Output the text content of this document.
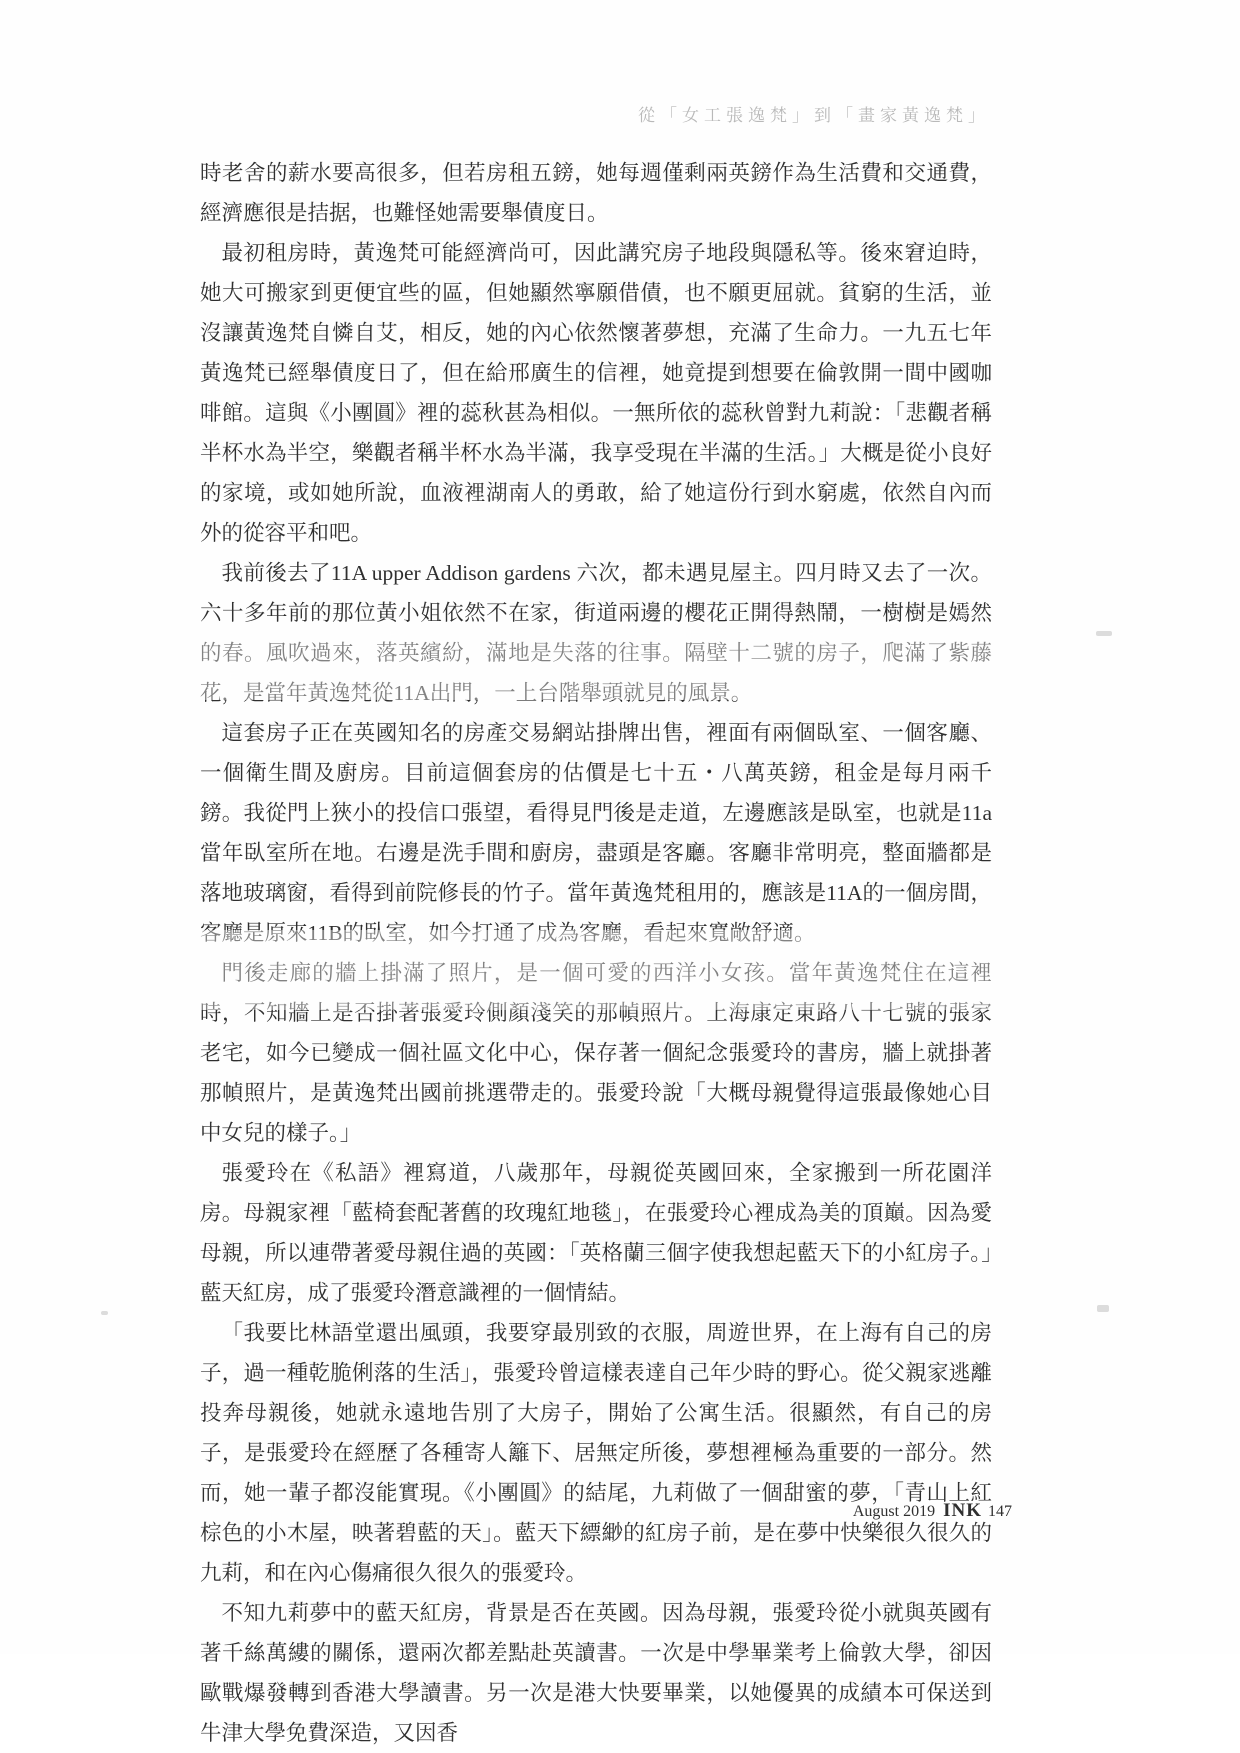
從「女工張逸梵」到「畫家黃逸梵」

時老舍的薪水要高很多，但若房租五鎊，她每週僅剩兩英鎊作為生活費和交通費，經濟應很是拮据，也難怪她需要舉債度日。

最初租房時，黃逸梵可能經濟尚可，因此講究房子地段與隱私等。後來窘迫時，她大可搬家到更便宜些的區，但她顯然寧願借債，也不願更屈就。貧窮的生活，並沒讓黃逸梵自憐自艾，相反，她的內心依然懷著夢想，充滿了生命力。一九五七年黃逸梵已經舉債度日了，但在給邢廣生的信裡，她竟提到想要在倫敦開一間中國咖啡館。這與《小團圓》裡的蕊秋甚為相似。一無所依的蕊秋曾對九莉說：「悲觀者稱半杯水為半空，樂觀者稱半杯水為半滿，我享受現在半滿的生活。」大概是從小良好的家境，或如她所說，血液裡湖南人的勇敢，給了她這份行到水窮處，依然自內而外的從容平和吧。

我前後去了11A upper Addison gardens 六次，都未遇見屋主。四月時又去了一次。六十多年前的那位黃小姐依然不在家，街道兩邊的櫻花正開得熱鬧，一樹樹是嫣然的春。風吹過來，落英繽紛，滿地是失落的往事。隔壁十二號的房子，爬滿了紫藤花，是當年黃逸梵從11A出門，一上台階舉頭就見的風景。

這套房子正在英國知名的房產交易網站掛牌出售，裡面有兩個臥室、一個客廳、一個衛生間及廚房。目前這個套房的估價是七十五・八萬英鎊，租金是每月兩千鎊。我從門上狹小的投信口張望，看得見門後是走道，左邊應該是臥室，也就是11a 當年臥室所在地。右邊是洗手間和廚房，盡頭是客廳。客廳非常明亮，整面牆都是落地玻璃窗，看得到前院修長的竹子。當年黃逸梵租用的，應該是11A的一個房間，客廳是原來11B的臥室，如今打通了成為客廳，看起來寬敞舒適。

門後走廊的牆上掛滿了照片，是一個可愛的西洋小女孩。當年黃逸梵住在這裡時，不知牆上是否掛著張愛玲側顏淺笑的那幀照片。上海康定東路八十七號的張家老宅，如今已變成一個社區文化中心，保存著一個紀念張愛玲的書房，牆上就掛著那幀照片，是黃逸梵出國前挑選帶走的。張愛玲說「大概母親覺得這張最像她心目中女兒的樣子。」

張愛玲在《私語》裡寫道，八歲那年，母親從英國回來，全家搬到一所花園洋房。母親家裡「藍椅套配著舊的玫瑰紅地毯」，在張愛玲心裡成為美的頂巔。因為愛母親，所以連帶著愛母親住過的英國：「英格蘭三個字使我想起藍天下的小紅房子。」藍天紅房，成了張愛玲潛意識裡的一個情結。

「我要比林語堂還出風頭，我要穿最別致的衣服，周遊世界，在上海有自己的房子，過一種乾脆俐落的生活」，張愛玲曾這樣表達自己年少時的野心。從父親家逃離投奔母親後，她就永遠地告別了大房子，開始了公寓生活。很顯然，有自己的房子，是張愛玲在經歷了各種寄人籬下、居無定所後，夢想裡極為重要的一部分。然而，她一輩子都沒能實現。《小團圓》的結尾，九莉做了一個甜蜜的夢，「青山上紅棕色的小木屋，映著碧藍的天」。藍天下縹緲的紅房子前，是在夢中快樂很久很久的九莉，和在內心傷痛很久很久的張愛玲。

不知九莉夢中的藍天紅房，背景是否在英國。因為母親，張愛玲從小就與英國有著千絲萬縷的關係，還兩次都差點赴英讀書。一次是中學畢業考上倫敦大學，卻因歐戰爆發轉到香港大學讀書。另一次是港大快要畢業，以她優異的成績本可保送到牛津大學免費深造，又因香

August 2019 INK 147
